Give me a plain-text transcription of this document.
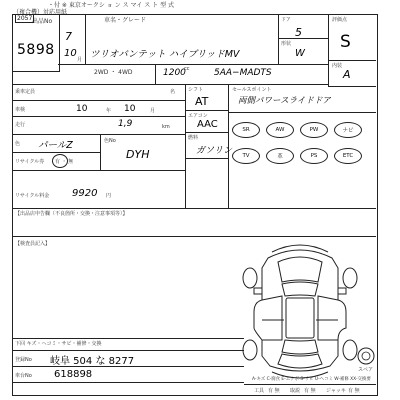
・付 ※ 東京オークシ ョ ン ス マイ ス ト 型 式
（複合機）対応用紙
出品No
2057
5898
車名・グレード
7
10
月 ツリオバンテット ハイブリッドMV
2WD ・ 4WD	1200
cc	5AA−MADTS
ドア
5
形状
W
評価点
S
内装
A
乗車定員	名
車検	10	年 10	月
走行	1,9	km
色 パールZ	色No
DYH
リサイクル券 有 ・ 無
リサイクル料金 9920 円
シフト
AT
エアコン
AAC
燃料
ガソリン
セールスポイント
両側パワースライドドア
SR	AW	PW	ナビ
TV	革	PS	ETC
【出品店申告欄（不良箇所・交換・注意事項等）】
【検査員記入】
スペア
下回 キズ・ヘコミ・サビ・補修・交換
登録No 岐阜 504 な 8277
車台No 618898	A-キズ C-腐食 E-エクボ S-サビ U-ヘコミ W-補修 XX-交換要
工具 有 無 取説 有 無 ジャッキ 有 無
